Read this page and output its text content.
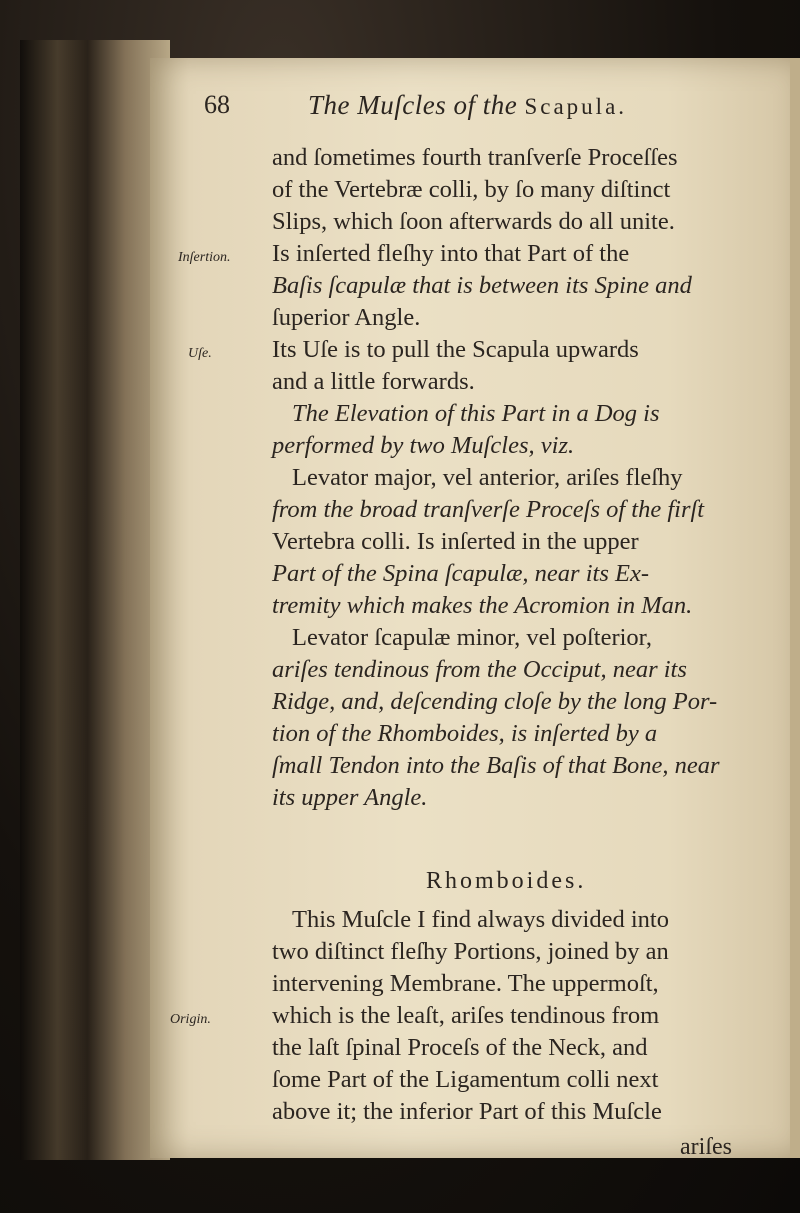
68	The Muſcles of the Scapula.
and ſometimes fourth tranſverſe Proceſſes
of the Vertebræ colli, by ſo many diſtinct
Slips, which ſoon afterwards do all unite.
Inſertion. Is inſerted fleſhy into that Part of the
Baſis ſcapulæ that is between its Spine and
ſuperior Angle.
Uſe. Its Uſe is to pull the Scapula upwards
and a little forwards.
The Elevation of this Part in a Dog is
performed by two Muſcles, viz.
Levator major, vel anterior, ariſes fleſhy
from the broad tranſverſe Proceſs of the firſt
Vertebra colli. Is inſerted in the upper
Part of the Spina ſcapulæ, near its Ex-
tremity which makes the Acromion in Man.
Levator ſcapulæ minor, vel poſterior,
ariſes tendinous from the Occiput, near its
Ridge, and, deſcending cloſe by the long Por-
tion of the Rhomboides, is inſerted by a
ſmall Tendon into the Baſis of that Bone, near
its upper Angle.
Rhomboides.
This Muſcle I find always divided into
two diſtinct fleſhy Portions, joined by an
intervening Membrane. The uppermoſt,
Origin. which is the leaſt, ariſes tendinous from
the laſt ſpinal Proceſs of the Neck, and
ſome Part of the Ligamentum colli next
above it; the inferior Part of this Muſcle
ariſes
